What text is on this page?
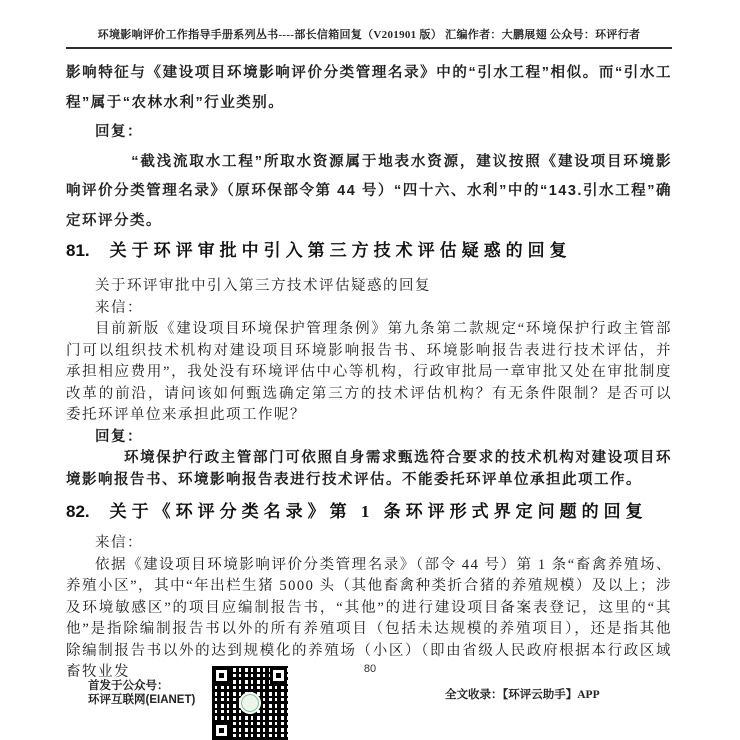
环境影响评价工作指导手册系列丛书----部长信箱回复（V201901 版） 汇编作者：大鹏展翅 公众号：环评行者

影响特征与《建设项目环境影响评价分类管理名录》中的“引水工程”相似。而“引水工程”属于“农林水利”行业类别。

回复：

“截浅流取水工程”所取水资源属于地表水资源，建议按照《建设项目环境影响评价分类管理名录》（原环保部令第 44 号）“四十六、水利”中的“143.引水工程”确定环评分类。

81. 关于环评审批中引入第三方技术评估疑惑的回复

关于环评审批中引入第三方技术评估疑惑的回复

来信：

目前新版《建设项目环境保护管理条例》第九条第二款规定“环境保护行政主管部门可以组织技术机构对建设项目环境影响报告书、环境影响报告表进行技术评估，并承担相应费用”，我处没有环境评估中心等机构，行政审批局一章审批又处在审批制度改革的前沿，请问该如何甄选确定第三方的技术评估机构？有无条件限制？是否可以委托环评单位来承担此项工作呢？

回复：

环境保护行政主管部门可依照自身需求甄选符合要求的技术机构对建设项目环境影响报告书、环境影响报告表进行技术评估。不能委托环评单位承担此项工作。

82. 关于《环评分类名录》第 1 条环评形式界定问题的回复

来信：

依据《建设项目环境影响评价分类管理名录》（部令 44 号）第 1 条“畜禽养殖场、养殖小区”，其中“年出栏生猪 5000 头（其他畜禽种类折合猪的养殖规模）及以上；涉及环境敏感区”的项目应编制报告书，“其他”的进行建设项目备案表登记，这里的“其他”是指除编制报告书以外的所有养殖项目（包括未达规模的养殖项目），还是指其他除编制报告书以外的达到规模化的养殖场（小区）（即由省级人民政府根据本行政区域畜牧业发	80
首发于公众号：
环评互联网(EIANET)	全文收录：【环评云助手】APP
